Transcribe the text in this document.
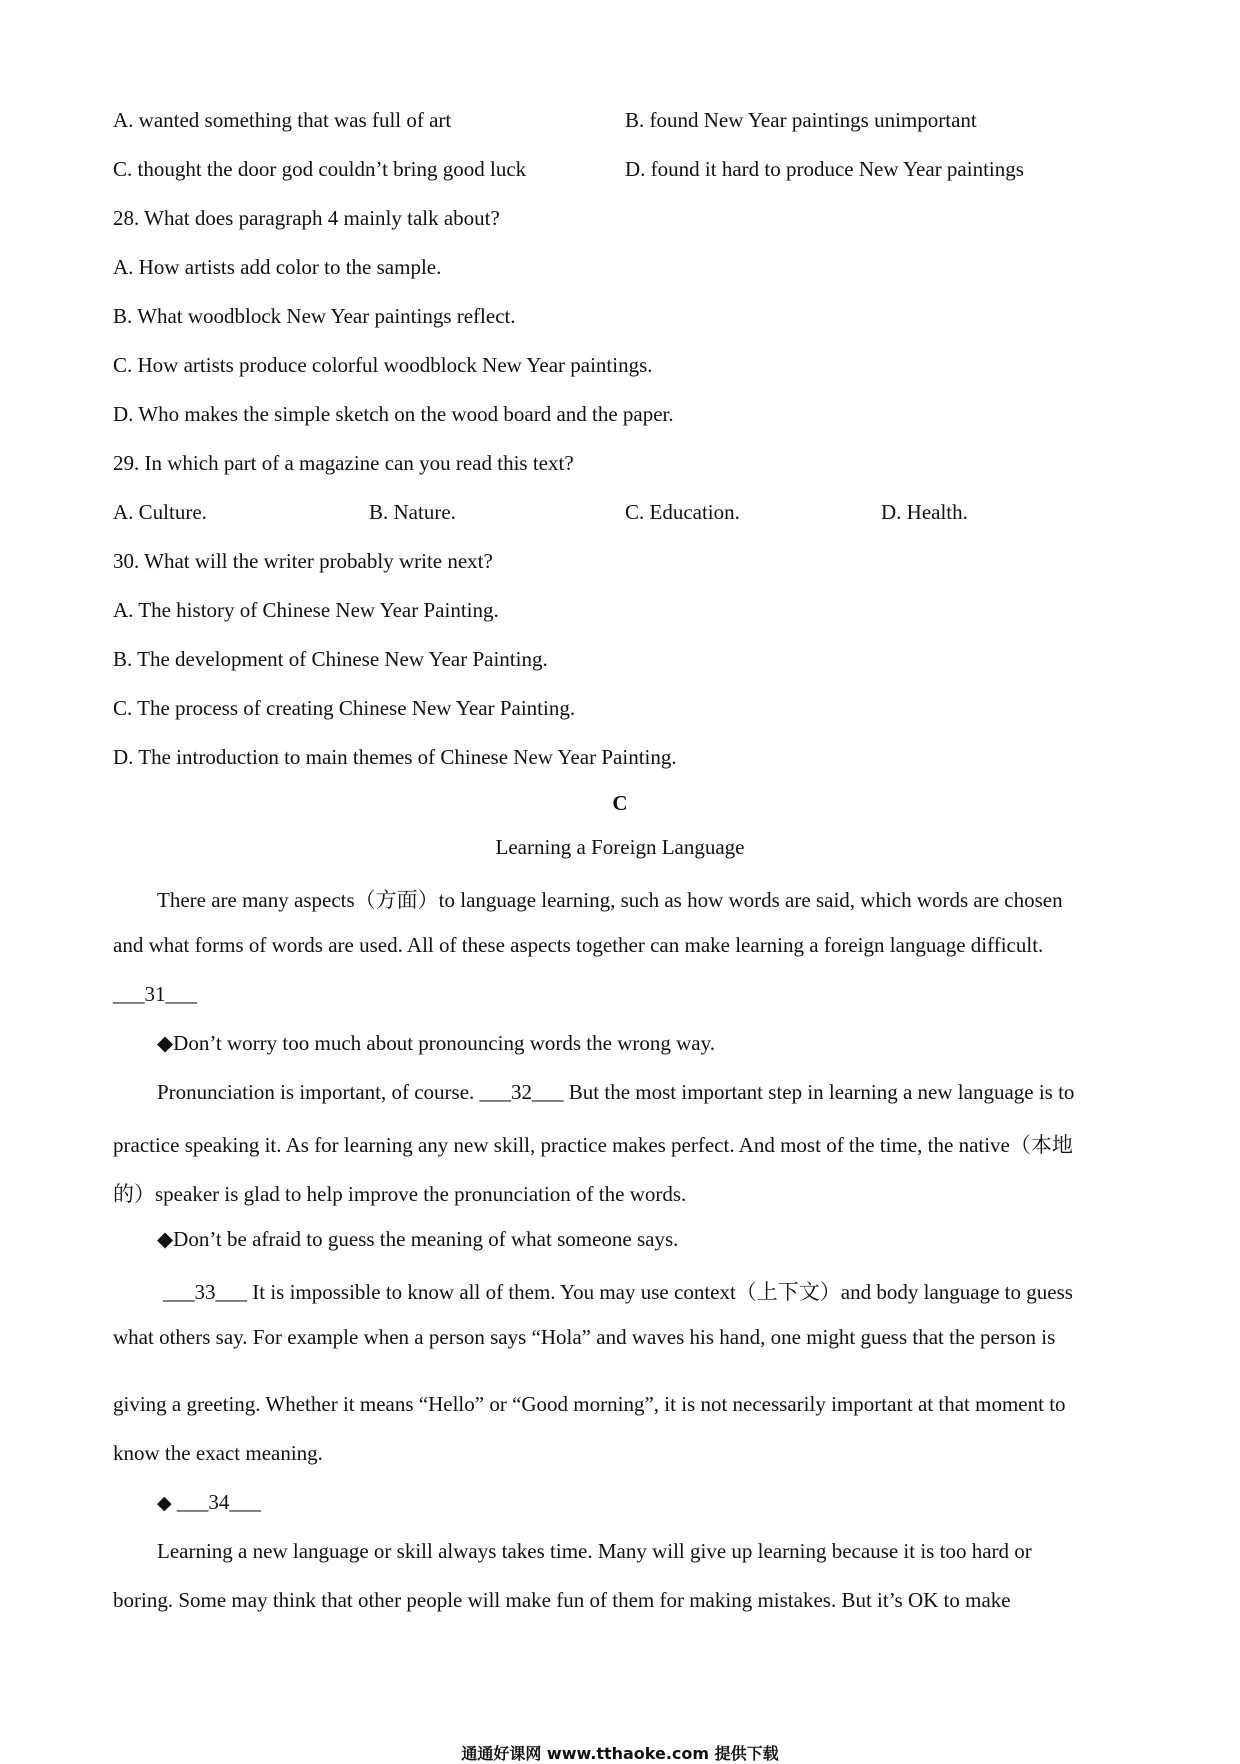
A. wanted something that was full of art	B. found New Year paintings unimportant
C. thought the door god couldn’t bring good luck	D. found it hard to produce New Year paintings
28. What does paragraph 4 mainly talk about?
A. How artists add color to the sample.
B. What woodblock New Year paintings reflect.
C. How artists produce colorful woodblock New Year paintings.
D. Who makes the simple sketch on the wood board and the paper.
29. In which part of a magazine can you read this text?
A. Culture.	B. Nature.	C. Education.	D. Health.
30. What will the writer probably write next?
A. The history of Chinese New Year Painting.
B. The development of Chinese New Year Painting.
C. The process of creating Chinese New Year Painting.
D. The introduction to main themes of Chinese New Year Painting.
C
Learning a Foreign Language
There are many aspects（方面）to language learning, such as how words are said, which words are chosen
and what forms of words are used. All of these aspects together can make learning a foreign language difficult.
___31___
◆Don’t worry too much about pronouncing words the wrong way.
Pronunciation is important, of course. ___32___ But the most important step in learning a new language is to
practice speaking it. As for learning any new skill, practice makes perfect. And most of the time, the native（本地
的）speaker is glad to help improve the pronunciation of the words.
◆Don’t be afraid to guess the meaning of what someone says.
___33___ It is impossible to know all of them. You may use context（上下文）and body language to guess
what others say. For example when a person says “Hola” and waves his hand, one might guess that the person is
giving a greeting. Whether it means “Hello” or “Good morning”, it is not necessarily important at that moment to
know the exact meaning.
◆ ___34___
Learning a new language or skill always takes time. Many will give up learning because it is too hard or
boring. Some may think that other people will make fun of them for making mistakes. But it’s OK to make
通通好课网 www.tthaoke.com 提供下载
